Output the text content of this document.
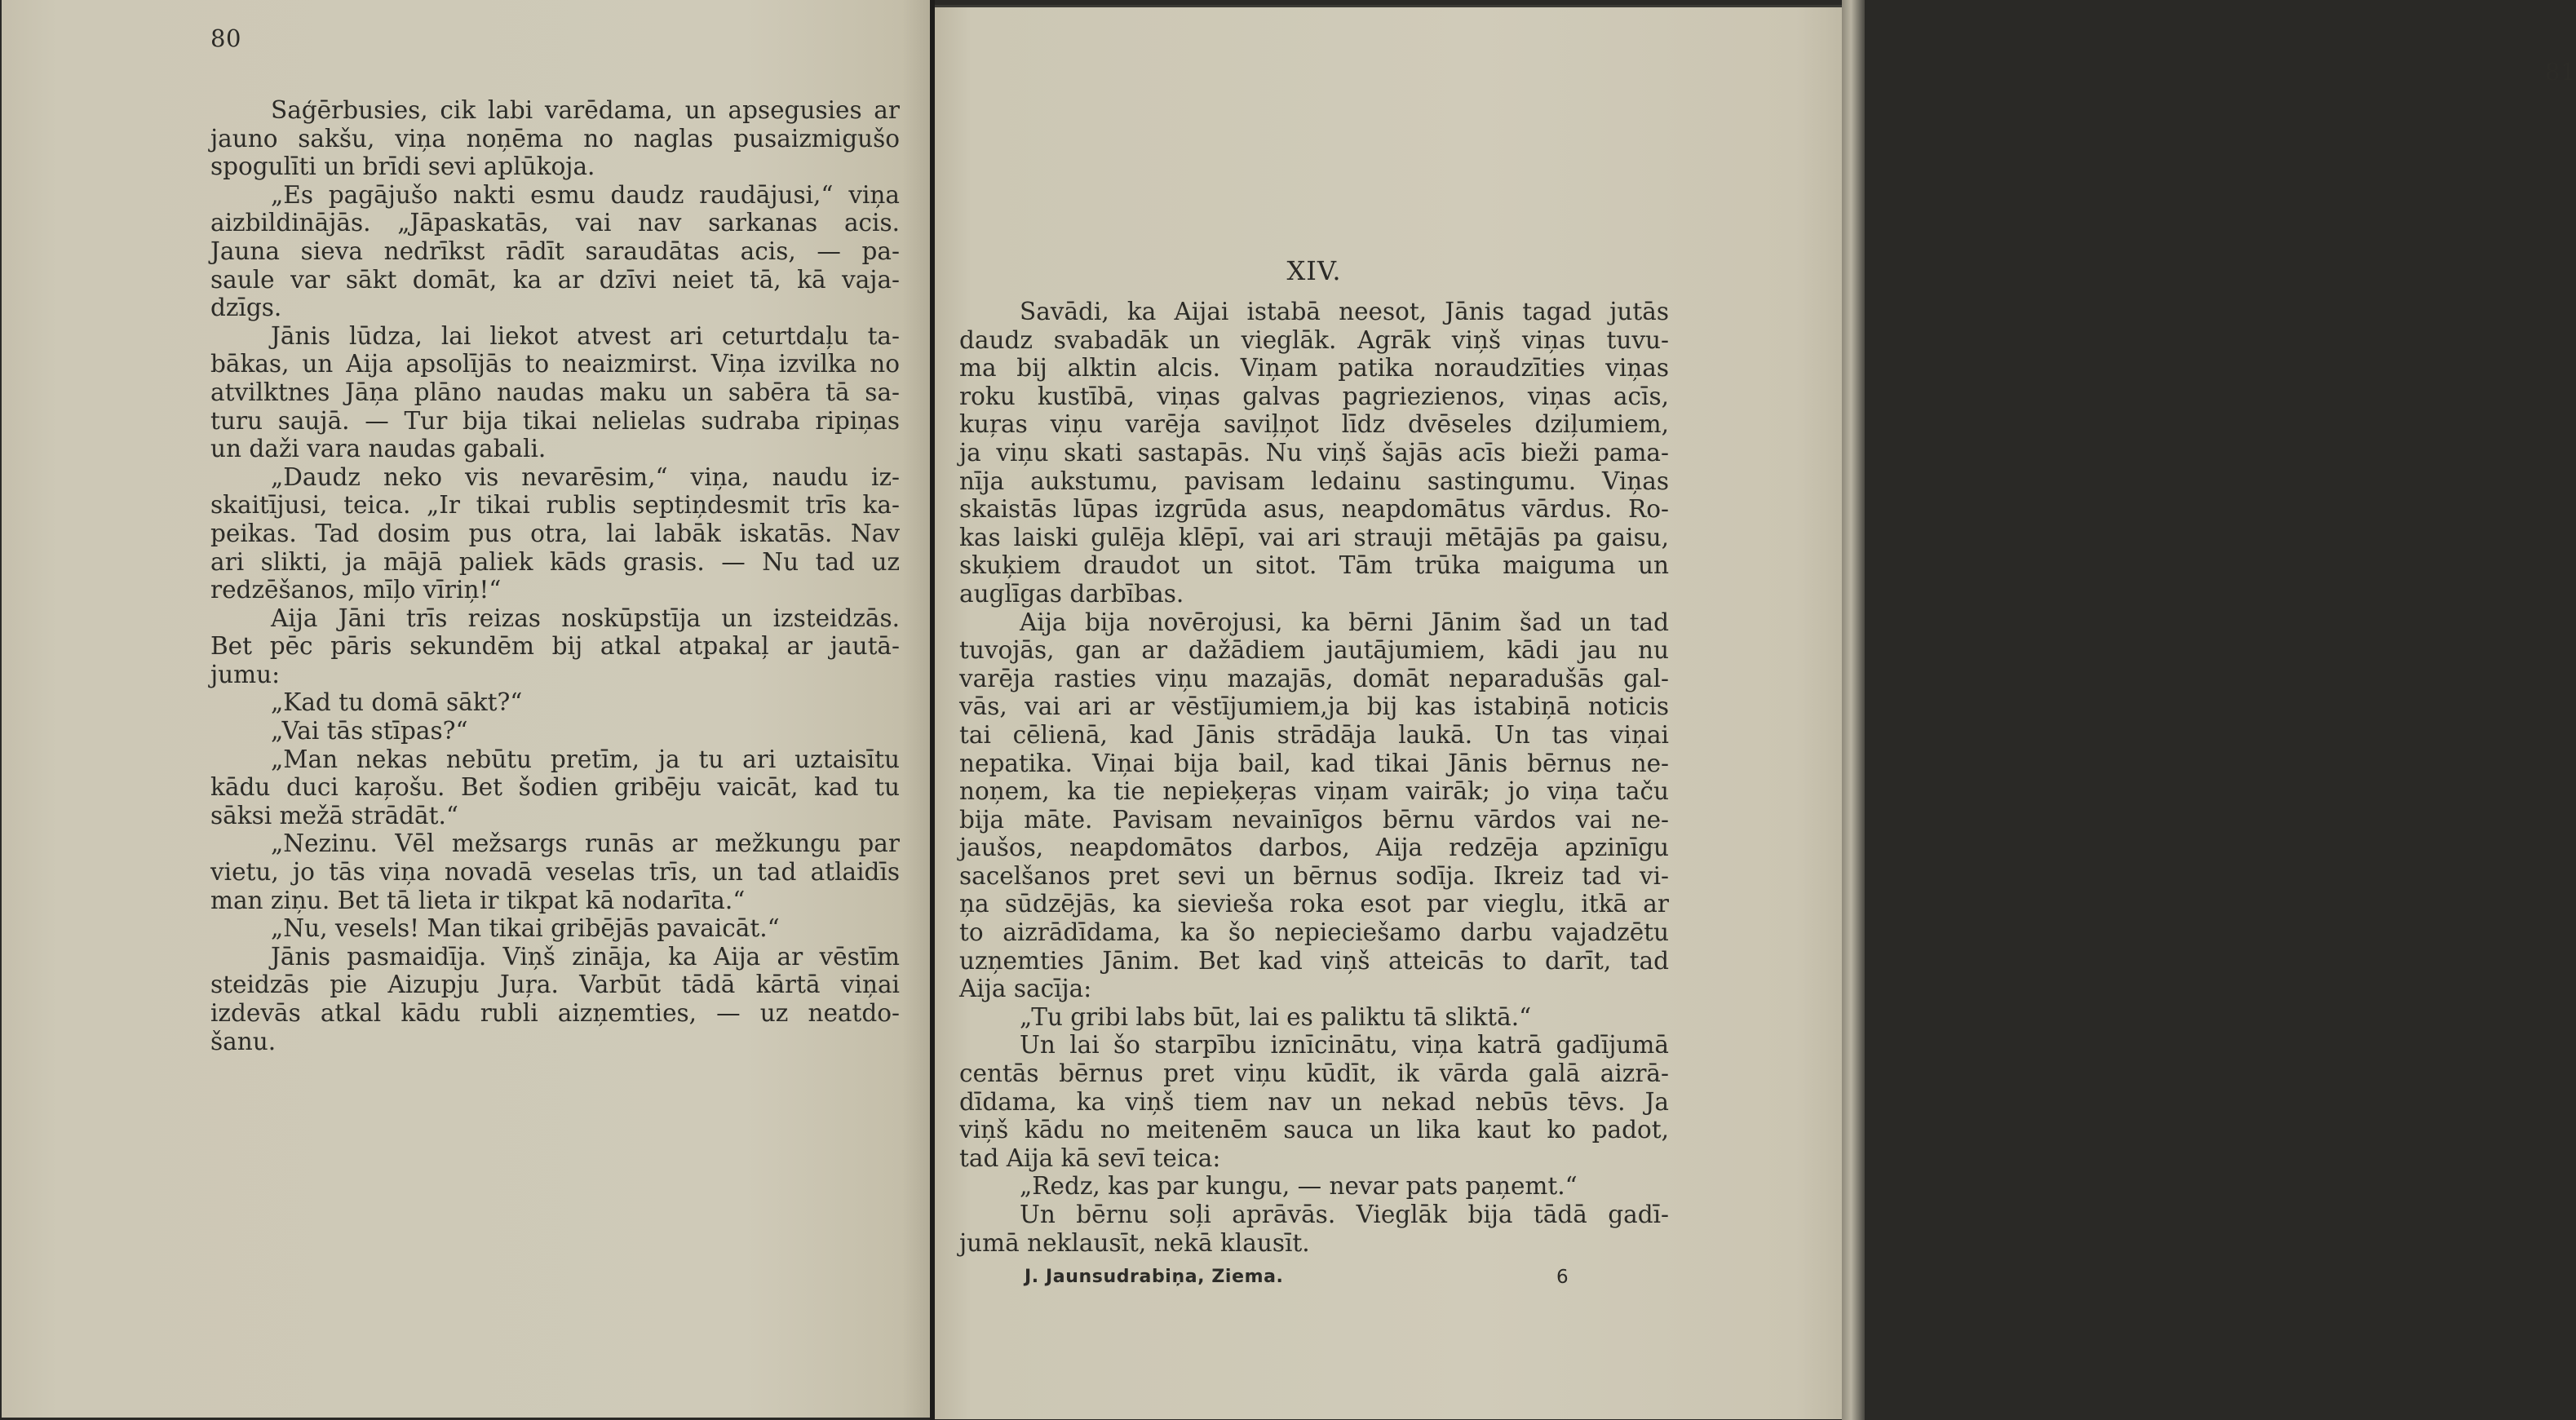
80
Saģērbusies, cik labi varēdama, un apsegusies ar
jauno sakšu, viņa noņēma no naglas pusaizmigušo
spogulīti un brīdi sevi aplūkoja.
„Es pagājušo nakti esmu daudz raudājusi,“ viņa
aizbildinājās. „Jāpaskatās, vai nav sarkanas acis.
Jauna sieva nedrīkst rādīt saraudātas acis, — pa-
saule var sākt domāt, ka ar dzīvi neiet tā, kā vaja-
dzīgs.
Jānis lūdza, lai liekot atvest ari ceturtdaļu ta-
bākas, un Aija apsolījās to neaizmirst. Viņa izvilka no
atvilktnes Jāņa plāno naudas maku un sabēra tā sa-
turu saujā. — Tur bija tikai nelielas sudraba ripiņas
un daži vara naudas gabali.
„Daudz neko vis nevarēsim,“ viņa, naudu iz-
skaitījusi, teica. „Ir tikai rublis septiņdesmit trīs ka-
peikas. Tad dosim pus otra, lai labāk iskatās. Nav
ari slikti, ja mājā paliek kāds grasis. — Nu tad uz
redzēšanos, mīļo vīriņ!“
Aija Jāni trīs reizas noskūpstīja un izsteidzās.
Bet pēc pāris sekundēm bij atkal atpakaļ ar jautā-
jumu:
„Kad tu domā sākt?“
„Vai tās stīpas?“
„Man nekas nebūtu pretīm, ja tu ari uztaisītu
kādu duci kaŗošu. Bet šodien gribēju vaicāt, kad tu
sāksi mežā strādāt.“
„Nezinu. Vēl mežsargs runās ar mežkungu par
vietu, jo tās viņa novadā veselas trīs, un tad atlaidīs
man ziņu. Bet tā lieta ir tikpat kā nodarīta.“
„Nu, vesels! Man tikai gribējās pavaicāt.“
Jānis pasmaidīja. Viņš zināja, ka Aija ar vēstīm
steidzās pie Aizupju Juŗa. Varbūt tādā kārtā viņai
izdevās atkal kādu rubli aizņemties, — uz neatdo-
šanu.
81
XIV.
Savādi, ka Aijai istabā neesot, Jānis tagad jutās
daudz svabadāk un vieglāk. Agrāk viņš viņas tuvu-
ma bij alktin alcis. Viņam patika noraudzīties viņas
roku kustībā, viņas galvas pagriezienos, viņas acīs,
kuŗas viņu varēja saviļņot līdz dvēseles dziļumiem,
ja viņu skati sastapās. Nu viņš šajās acīs bieži pama-
nīja aukstumu, pavisam ledainu sastingumu. Viņas
skaistās lūpas izgrūda asus, neapdomātus vārdus. Ro-
kas laiski gulēja klēpī, vai ari strauji mētājās pa gaisu,
skuķiem draudot un sitot. Tām trūka maiguma un
auglīgas darbības.
Aija bija novērojusi, ka bērni Jānim šad un tad
tuvojās, gan ar dažādiem jautājumiem, kādi jau nu
varēja rasties viņu mazajās, domāt neparadušās gal-
vās, vai ari ar vēstījumiem,ja bij kas istabiņā noticis
tai cēlienā, kad Jānis strādāja laukā. Un tas viņai
nepatika. Viņai bija bail, kad tikai Jānis bērnus ne-
noņem, ka tie nepieķeŗas viņam vairāk; jo viņa taču
bija māte. Pavisam nevainīgos bērnu vārdos vai ne-
jaušos, neapdomātos darbos, Aija redzēja apzinīgu
sacelšanos pret sevi un bērnus sodīja. Ikreiz tad vi-
ņa sūdzējās, ka sievieša roka esot par vieglu, itkā ar
to aizrādīdama, ka šo nepieciešamo darbu vajadzētu
uzņemties Jānim. Bet kad viņš atteicās to darīt, tad
Aija sacīja:
„Tu gribi labs būt, lai es paliktu tā sliktā.“
Un lai šo starpību iznīcinātu, viņa katrā gadījumā
centās bērnus pret viņu kūdīt, ik vārda galā aizrā-
dīdama, ka viņš tiem nav un nekad nebūs tēvs. Ja
viņš kādu no meitenēm sauca un lika kaut ko padot,
tad Aija kā sevī teica:
„Redz, kas par kungu, — nevar pats paņemt.“
Un bērnu soļi aprāvās. Vieglāk bija tādā gadī-
jumā neklausīt, nekā klausīt.
J. Jaunsudrabiņa, Ziema.	6
